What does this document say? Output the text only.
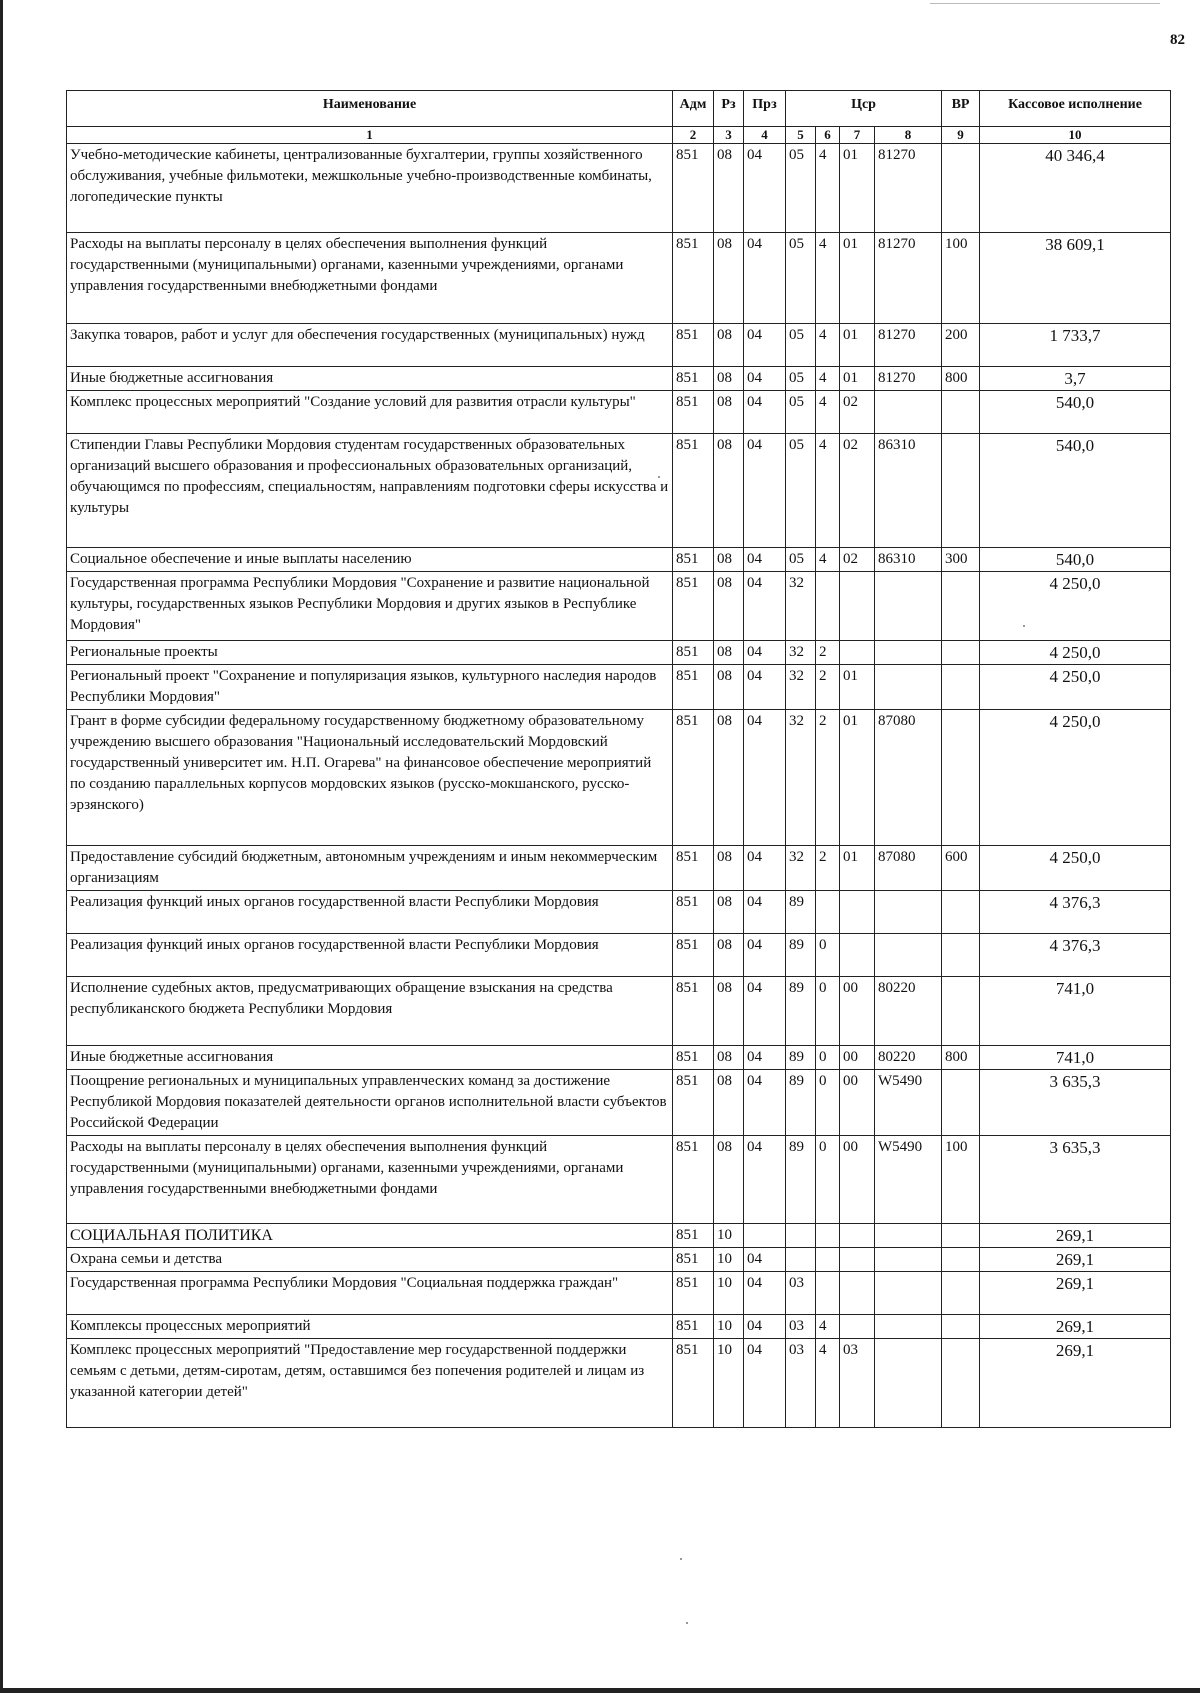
82
Наименование	Адм	Рз	Прз	Цср				ВР	Кассовое исполнение
1	2	3	4	5	6	7	8	9	10
Учебно-методические кабинеты, централизованные бухгалтерии, группы хозяйственного обслуживания, учебные фильмотеки, межшкольные учебно-производственные комбинаты, логопедические пункты	851	08	04	05	4	01	81270		40 346,4
Расходы на выплаты персоналу в целях обеспечения выполнения функций государственными (муниципальными) органами, казенными учреждениями, органами управления государственными внебюджетными фондами	851	08	04	05	4	01	81270	100	38 609,1
Закупка товаров, работ и услуг для обеспечения государственных (муниципальных) нужд	851	08	04	05	4	01	81270	200	1 733,7
Иные бюджетные ассигнования	851	08	04	05	4	01	81270	800	3,7
Комплекс процессных мероприятий "Создание условий для развития отрасли культуры"	851	08	04	05	4	02			540,0
Стипендии Главы Республики Мордовия студентам государственных образовательных организаций высшего образования и профессиональных образовательных организаций, обучающимся по профессиям, специальностям, направлениям подготовки сферы искусства и культуры	851	08	04	05	4	02	86310		540,0
Социальное обеспечение и иные выплаты населению	851	08	04	05	4	02	86310	300	540,0
Государственная программа Республики Мордовия "Сохранение и развитие национальной культуры, государственных языков Республики Мордовия и других языков в Республике Мордовия"	851	08	04	32					4 250,0
Региональные проекты	851	08	04	32	2				4 250,0
Региональный проект "Сохранение и популяризация языков, культурного наследия народов Республики Мордовия"	851	08	04	32	2	01			4 250,0
Грант в форме субсидии федеральному государственному бюджетному образовательному учреждению высшего образования "Национальный исследовательский Мордовский государственный университет им. Н.П. Огарева" на финансовое обеспечение мероприятий по созданию параллельных корпусов мордовских языков (русско-мокшанского, русско-эрзянского)	851	08	04	32	2	01	87080		4 250,0
Предоставление субсидий бюджетным, автономным учреждениям и иным некоммерческим организациям	851	08	04	32	2	01	87080	600	4 250,0
Реализация функций иных органов государственной власти Республики Мордовия	851	08	04	89					4 376,3
Реализация функций иных органов государственной власти Республики Мордовия	851	08	04	89	0				4 376,3
Исполнение судебных актов, предусматривающих обращение взыскания на средства республиканского бюджета Республики Мордовия	851	08	04	89	0	00	80220		741,0
Иные бюджетные ассигнования	851	08	04	89	0	00	80220	800	741,0
Поощрение региональных и муниципальных управленческих команд за достижение Республикой Мордовия показателей деятельности органов исполнительной власти субъектов Российской Федерации	851	08	04	89	0	00	W5490		3 635,3
Расходы на выплаты персоналу в целях обеспечения выполнения функций государственными (муниципальными) органами, казенными учреждениями, органами управления государственными внебюджетными фондами	851	08	04	89	0	00	W5490	100	3 635,3
СОЦИАЛЬНАЯ ПОЛИТИКА	851	10							269,1
Охрана семьи и детства	851	10	04						269,1
Государственная программа Республики Мордовия "Социальная поддержка граждан"	851	10	04	03					269,1
Комплексы процессных мероприятий	851	10	04	03	4				269,1
Комплекс процессных мероприятий "Предоставление мер государственной поддержки семьям с детьми, детям-сиротам, детям, оставшимся без попечения родителей и лицам из указанной категории детей"	851	10	04	03	4	03			269,1
